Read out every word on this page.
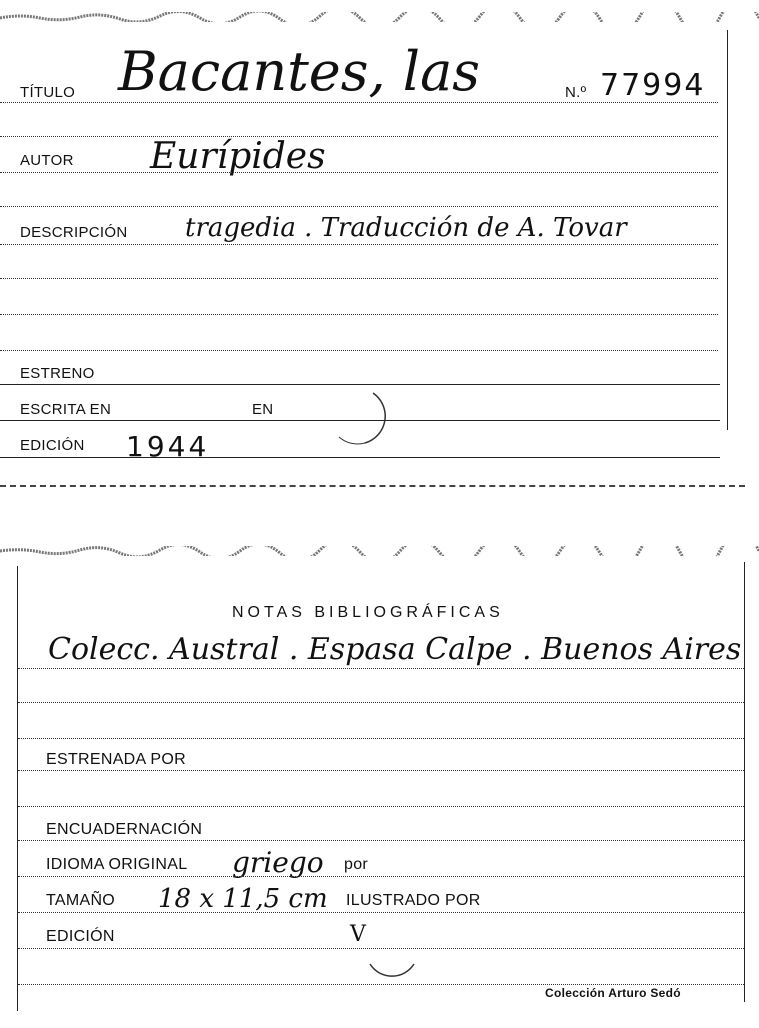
TÍTULO Bacantes, las	N.º 77994
AUTOR Eurípides
DESCRIPCIÓN tragedia . Traducción de A. Tovar
ESTRENO
ESCRITA EN	EN
EDICIÓN 1944
NOTAS BIBLIOGRÁFICAS
Colecc. Austral . Espasa Calpe . Buenos Aires
ESTRENADA POR
ENCUADERNACIÓN
IDIOMA ORIGINAL griego por
TAMAÑO 18 x 11,5 cm ILUSTRADO POR
EDICIÓN	V
Colección Arturo Sedó
